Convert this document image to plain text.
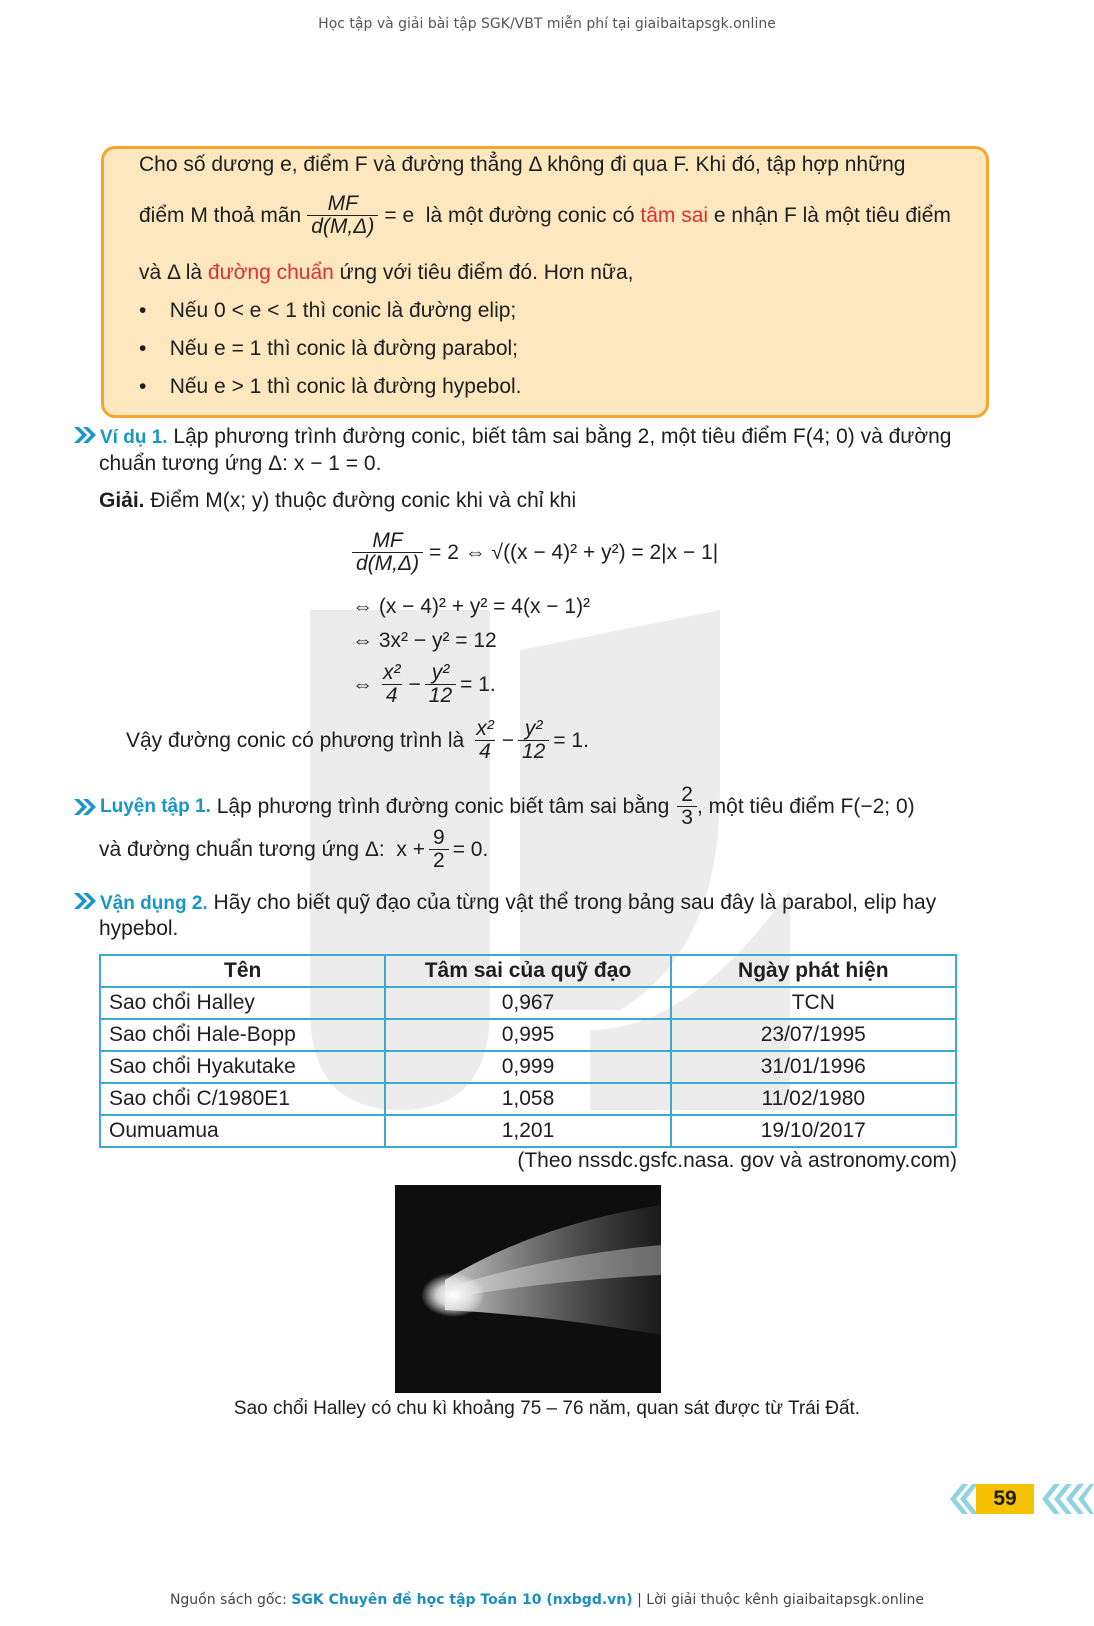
Học tập và giải bài tập SGK/VBT miễn phí tại giaibaitapsgk.online
Cho số dương e, điểm F và đường thẳng Δ không đi qua F. Khi đó, tập hợp những
điểm M thoả mãn $\frac{MF}{d(M,\Delta)} = e$  là một đường conic có tâm sai e nhận F là một tiêu điểm
và Δ là đường chuẩn ứng với tiêu điểm đó. Hơn nữa,
•    Nếu 0 < e < 1 thì conic là đường elip;
•    Nếu e = 1 thì conic là đường parabol;
•    Nếu e > 1 thì conic là đường hypebol.
Ví dụ 1. Lập phương trình đường conic, biết tâm sai bằng 2, một tiêu điểm F(4; 0) và đường
chuẩn tương ứng Δ: x − 1 = 0.
Giải. Điểm M(x; y) thuộc đường conic khi và chỉ khi
$\frac{MF}{d(M,\Delta)} = 2$ ⇔ √((x − 4)² + y²) = 2|x − 1|
⇔ (x − 4)² + y² = 4(x − 1)²
⇔ 3x² − y² = 12
⇔ $\frac{\text{x²}}{4} - \frac{\text{y²}}{12} = 1$.
Vậy đường conic có phương trình là $\frac{\text{x²}}{4} - \frac{\text{y²}}{12} = 1$.
Luyện tập 1. Lập phương trình đường conic biết tâm sai bằng $\frac{2}{3}$ , một tiêu điểm F(−2; 0)
và đường chuẩn tương ứng Δ:  $x + \frac{9}{2} = 0$.
Vận dụng 2. Hãy cho biết quỹ đạo của từng vật thể trong bảng sau đây là parabol, elip hay
hypebol.
Tên	Tâm sai của quỹ đạo	Ngày phát hiện
Sao chổi Halley	0,967	TCN
Sao chổi Hale-Bopp	0,995	23/07/1995
Sao chổi Hyakutake	0,999	31/01/1996
Sao chổi C/1980E1	1,058	11/02/1980
Oumuamua	1,201	19/10/2017
(Theo nssdc.gsfc.nasa. gov và astronomy.com)
Sao chổi Halley có chu kì khoảng 75 – 76 năm, quan sát được từ Trái Đất.
59
Nguồn sách gốc: SGK Chuyên đề học tập Toán 10 (nxbgd.vn) | Lời giải thuộc kênh giaibaitapsgk.online
